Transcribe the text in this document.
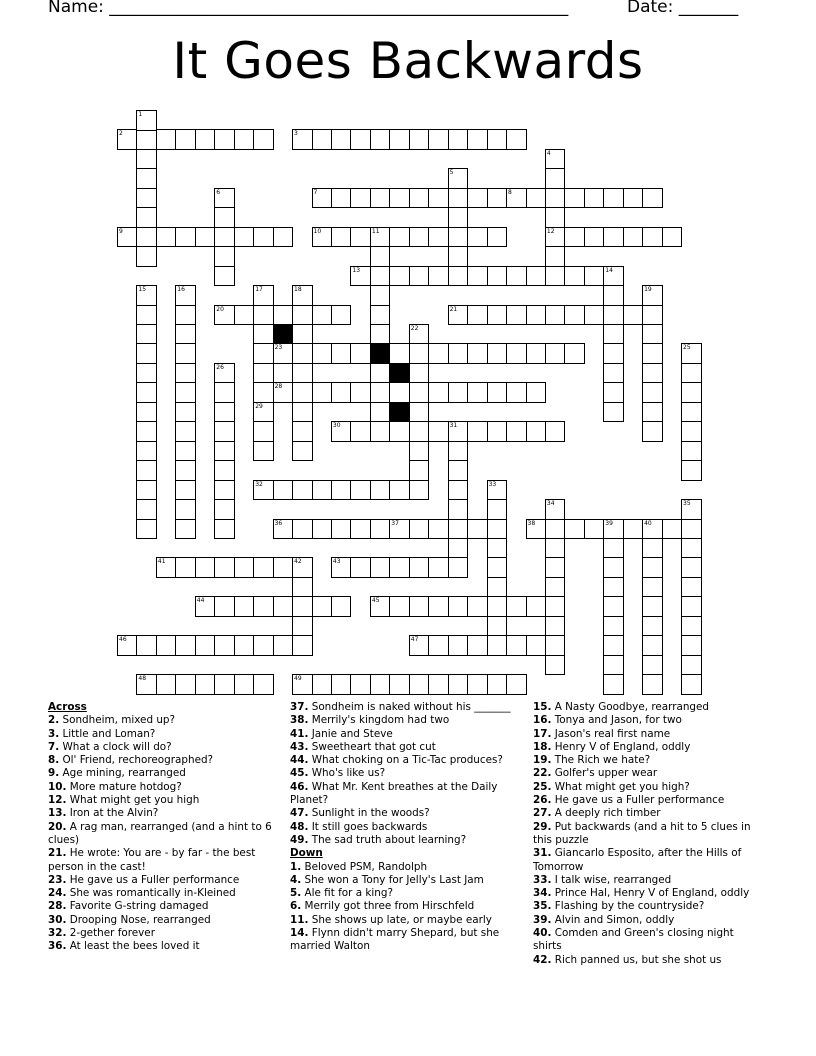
Name: ______________________________________________________	Date: _______
It Goes Backwards
2	3
7	8
9	10	11	12
13	14
20	21
23
28
30	31
32
36	37	38	39	40
41	42	43
44	45
46	47
48	49
1
4
5
6
15	16	17
29
18	19
22
25
26
33
34	35
Across
2. Sondheim, mixed up?
3. Little and Loman?
7. What a clock will do?
8. Ol' Friend, rechoreographed?
9. Age mining, rearranged
10. More mature hotdog?
12. What might get you high
13. Iron at the Alvin?
20. A rag man, rearranged (and a hint to 6 clues)
21. He wrote: You are - by far - the best person in the cast!
23. He gave us a Fuller performance
24. She was romantically in-Kleined
28. Favorite G-string damaged
30. Drooping Nose, rearranged
32. 2-gether forever
36. At least the bees loved it
37. Sondheim is naked without his _______
38. Merrily's kingdom had two
41. Janie and Steve
43. Sweetheart that got cut
44. What choking on a Tic-Tac produces?
45. Who's like us?
46. What Mr. Kent breathes at the Daily Planet?
47. Sunlight in the woods?
48. It still goes backwards
49. The sad truth about learning?
Down
1. Beloved PSM, Randolph
4. She won a Tony for Jelly's Last Jam
5. Ale fit for a king?
6. Merrily got three from Hirschfeld
11. She shows up late, or maybe early
14. Flynn didn't marry Shepard, but she married Walton
15. A Nasty Goodbye, rearranged
16. Tonya and Jason, for two
17. Jason's real first name
18. Henry V of England, oddly
19. The Rich we hate?
22. Golfer's upper wear
25. What might get you high?
26. He gave us a Fuller performance
27. A deeply rich timber
29. Put backwards (and a hit to 5 clues in this puzzle
31. Giancarlo Esposito, after the Hills of Tomorrow
33. I talk wise, rearranged
34. Prince Hal, Henry V of England, oddly
35. Flashing by the countryside?
39. Alvin and Simon, oddly
40. Comden and Green's closing night shirts
42. Rich panned us, but she shot us
